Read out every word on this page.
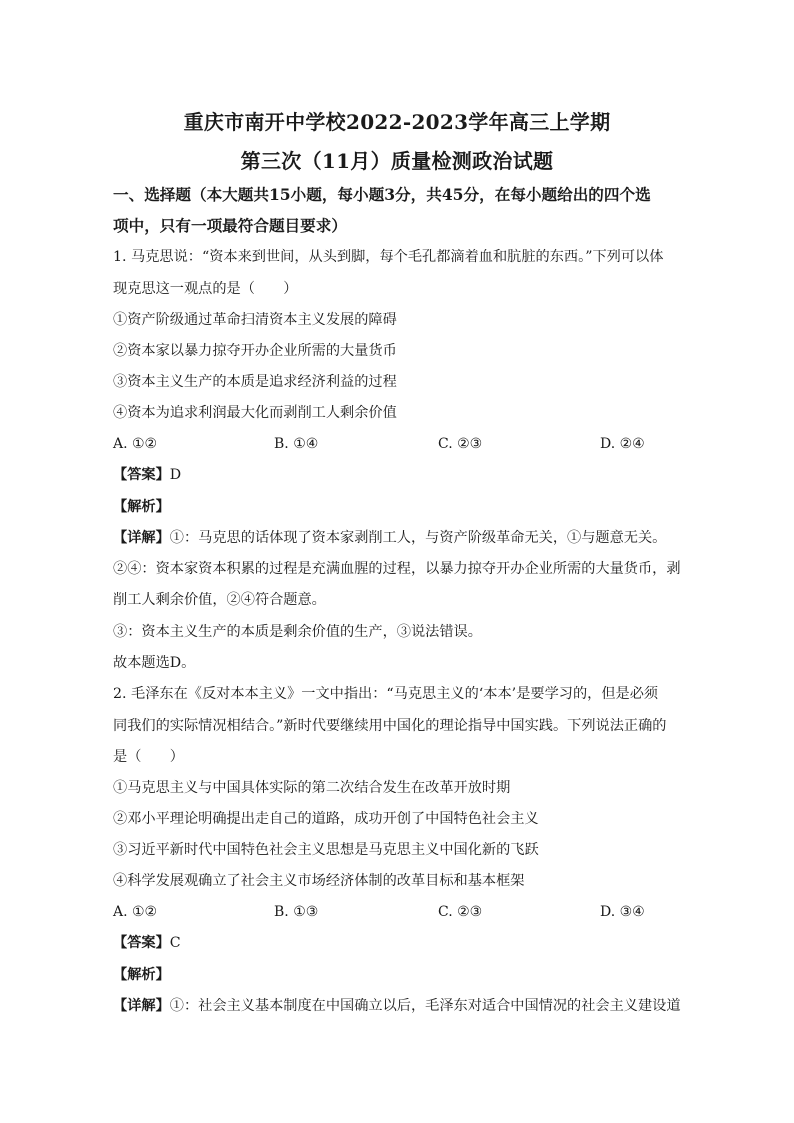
重庆市南开中学校2022-2023学年高三上学期
第三次（11月）质量检测政治试题
一、选择题（本大题共15小题，每小题3分，共45分，在每小题给出的四个选
项中，只有一项最符合题目要求）
1. 马克思说：“资本来到世间，从头到脚，每个毛孔都滴着血和肮脏的东西。”下列可以体
现克思这一观点的是（　　）
①资产阶级通过革命扫清资本主义发展的障碍
②资本家以暴力掠夺开办企业所需的大量货币
③资本主义生产的本质是追求经济利益的过程
④资本为追求利润最大化而剥削工人剩余价值
A. ①②	B. ①④	C. ②③	D. ②④
【答案】D
【解析】
【详解】①：马克思的话体现了资本家剥削工人，与资产阶级革命无关，①与题意无关。
②④：资本家资本积累的过程是充满血腥的过程，以暴力掠夺开办企业所需的大量货币，剥
削工人剩余价值，②④符合题意。
③：资本主义生产的本质是剩余价值的生产，③说法错误。
故本题选D。
2. 毛泽东在《反对本本主义》一文中指出：“马克思主义的‘本本’是要学习的，但是必须
同我们的实际情况相结合。”新时代要继续用中国化的理论指导中国实践。下列说法正确的
是（　　）
①马克思主义与中国具体实际的第二次结合发生在改革开放时期
②邓小平理论明确提出走自己的道路，成功开创了中国特色社会主义
③习近平新时代中国特色社会主义思想是马克思主义中国化新的飞跃
④科学发展观确立了社会主义市场经济体制的改革目标和基本框架
A. ①②	B. ①③	C. ②③	D. ③④
【答案】C
【解析】
【详解】①：社会主义基本制度在中国确立以后，毛泽东对适合中国情况的社会主义建设道
